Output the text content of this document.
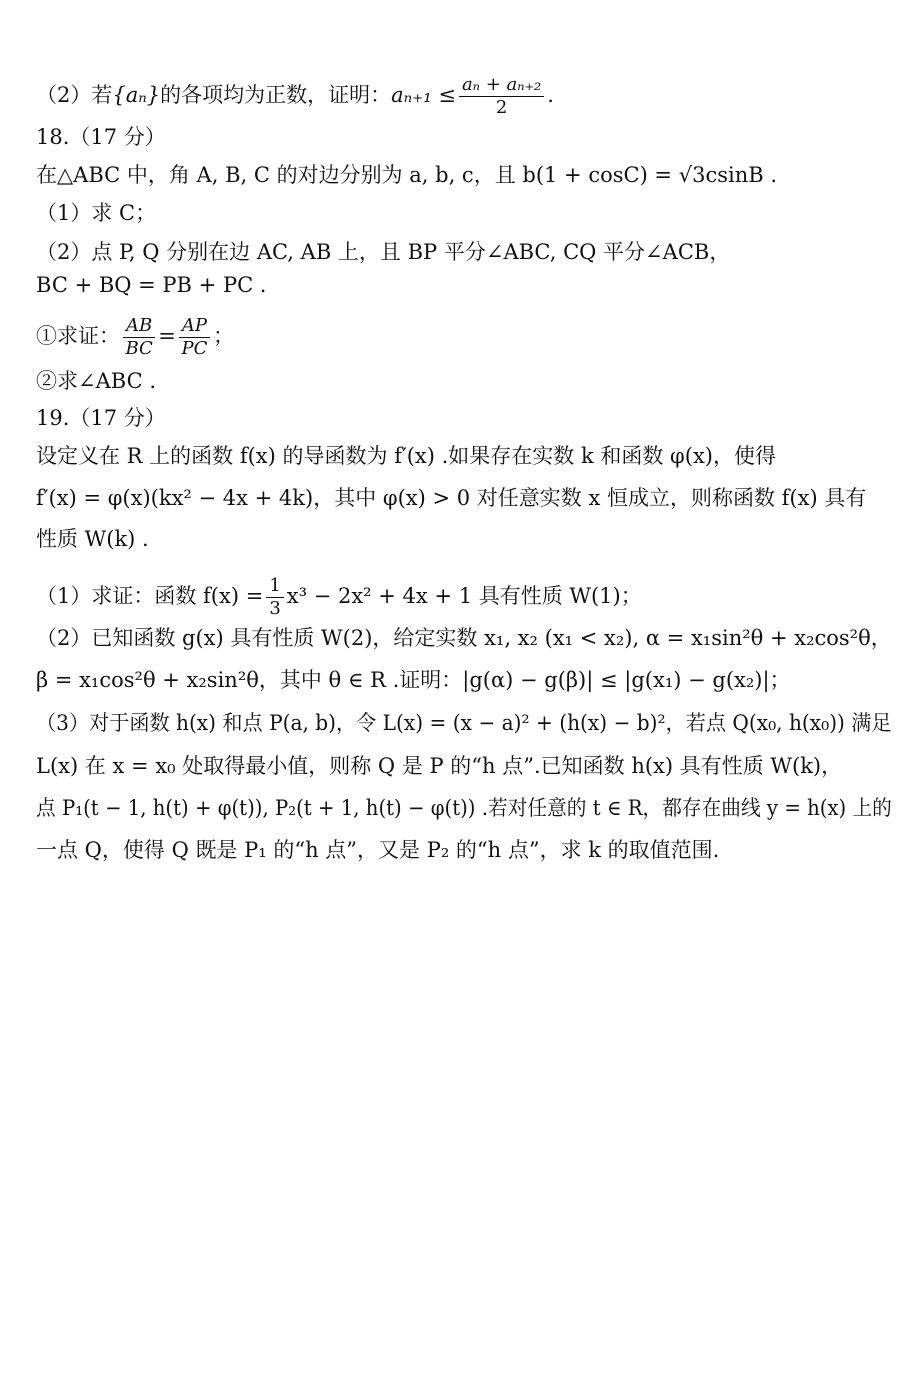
（2）若{aₙ}的各项均为正数，证明：$a_{n+1} \le \frac{\text{aₙ + aₙ₊₂}}{2}$ .
18.（17 分）
在△ABC 中，角 A, B, C 的对边分别为 a, b, c，且 b(1 + cosC) = √3csinB .
（1）求 C；
（2）点 P, Q 分别在边 AC, AB 上，且 BP 平分∠ABC, CQ 平分∠ACB，
BC + BQ = PB + PC .
①求证： $\frac{AB}{BC} = \frac{AP}{PC}$ ；
②求∠ABC .
19.（17 分）
设定义在 R 上的函数 f(x) 的导函数为 f′(x) .如果存在实数 k 和函数 φ(x)，使得
f′(x) = φ(x)(kx² − 4x + 4k)，其中 φ(x) > 0 对任意实数 x 恒成立，则称函数 f(x) 具有
性质 W(k) .
（1）求证：函数 $f(x) = \frac{1}{3} x^3 - 2x^2 + 4x + 1$ 具有性质 W(1)；
（2）已知函数 g(x) 具有性质 W(2)，给定实数 x₁, x₂ (x₁ < x₂), α = x₁sin²θ + x₂cos²θ，
β = x₁cos²θ + x₂sin²θ，其中 θ ∈ R .证明：|g(α) − g(β)| ≤ |g(x₁) − g(x₂)|；
（3）对于函数 h(x) 和点 P(a, b)，令 L(x) = (x − a)² + (h(x) − b)²，若点 Q(x₀, h(x₀)) 满足
L(x) 在 x = x₀ 处取得最小值，则称 Q 是 P 的“h 点”.已知函数 h(x) 具有性质 W(k)，
点 P₁(t − 1, h(t) + φ(t)), P₂(t + 1, h(t) − φ(t)) .若对任意的 t ∈ R，都存在曲线 y = h(x) 上的
一点 Q，使得 Q 既是 P₁ 的“h 点”，又是 P₂ 的“h 点”，求 k 的取值范围.
